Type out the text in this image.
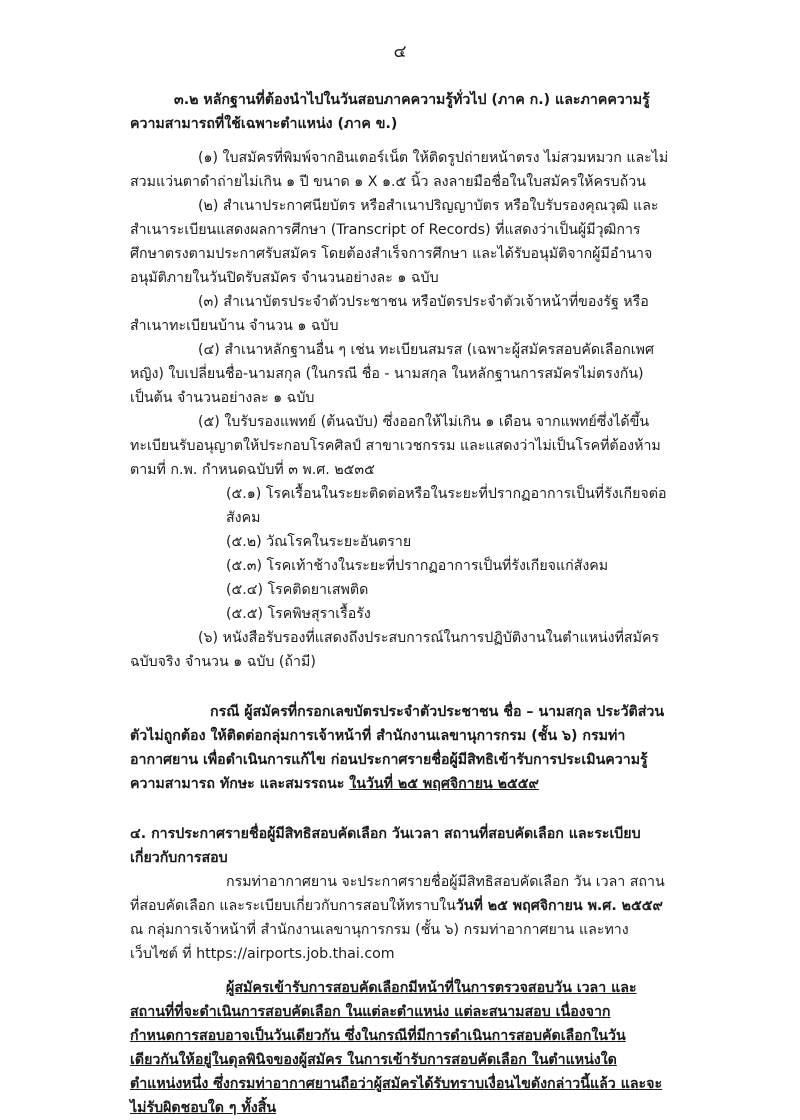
๔

๓.๒ หลักฐานที่ต้องนำไปในวันสอบภาคความรู้ทั่วไป (ภาค ก.) และภาคความรู้ความสามารถที่ใช้เฉพาะตำแหน่ง (ภาค ข.)

(๑) ใบสมัครที่พิมพ์จากอินเตอร์เน็ต ให้ติดรูปถ่ายหน้าตรง ไม่สวมหมวก และไม่สวมแว่นตาดำถ่ายไม่เกิน ๑ ปี ขนาด ๑ X ๑.๕ นิ้ว ลงลายมือชื่อในใบสมัครให้ครบถ้วน

(๒) สำเนาประกาศนียบัตร หรือสำเนาปริญญาบัตร หรือใบรับรองคุณวุฒิ และสำเนาระเบียนแสดงผลการศึกษา (Transcript of Records) ที่แสดงว่าเป็นผู้มีวุฒิการศึกษาตรงตามประกาศรับสมัคร โดยต้องสำเร็จการศึกษา และได้รับอนุมัติจากผู้มีอำนาจอนุมัติภายในวันปิดรับสมัคร จำนวนอย่างละ ๑ ฉบับ

(๓) สำเนาบัตรประจำตัวประชาชน หรือบัตรประจำตัวเจ้าหน้าที่ของรัฐ หรือสำเนาทะเบียนบ้าน จำนวน ๑ ฉบับ

(๔) สำเนาหลักฐานอื่น ๆ เช่น ทะเบียนสมรส (เฉพาะผู้สมัครสอบคัดเลือกเพศหญิง) ใบเปลี่ยนชื่อ-นามสกุล (ในกรณี ชื่อ - นามสกุล ในหลักฐานการสมัครไม่ตรงกัน) เป็นต้น จำนวนอย่างละ ๑ ฉบับ

(๕) ใบรับรองแพทย์ (ต้นฉบับ) ซึ่งออกให้ไม่เกิน ๑ เดือน จากแพทย์ซึ่งได้ขึ้นทะเบียนรับอนุญาตให้ประกอบโรคศิลป์ สาขาเวชกรรม และแสดงว่าไม่เป็นโรคที่ต้องห้ามตามที่ ก.พ. กำหนดฉบับที่ ๓ พ.ศ. ๒๕๓๕

(๕.๑) โรคเรื้อนในระยะติดต่อหรือในระยะที่ปรากฏอาการเป็นที่รังเกียจต่อสังคม

(๕.๒) วัณโรคในระยะอันตราย

(๕.๓) โรคเท้าช้างในระยะที่ปรากฏอาการเป็นที่รังเกียจแก่สังคม

(๕.๔) โรคติดยาเสพติด

(๕.๕) โรคพิษสุราเรื้อรัง

(๖) หนังสือรับรองที่แสดงถึงประสบการณ์ในการปฏิบัติงานในตำแหน่งที่สมัครฉบับจริง จำนวน ๑ ฉบับ (ถ้ามี)

กรณี ผู้สมัครที่กรอกเลขบัตรประจำตัวประชาชน ชื่อ – นามสกุล ประวัติส่วนตัวไม่ถูกต้อง ให้ติดต่อกลุ่มการเจ้าหน้าที่ สำนักงานเลขานุการกรม (ชั้น ๖) กรมท่าอากาศยาน เพื่อดำเนินการแก้ไข ก่อนประกาศรายชื่อผู้มีสิทธิเข้ารับการประเมินความรู้ความสามารถ ทักษะ และสมรรถนะ ในวันที่ ๒๕ พฤศจิกายน ๒๕๕๙

๔. การประกาศรายชื่อผู้มีสิทธิสอบคัดเลือก วันเวลา สถานที่สอบคัดเลือก และระเบียบเกี่ยวกับการสอบ

กรมท่าอากาศยาน จะประกาศรายชื่อผู้มีสิทธิสอบคัดเลือก วัน เวลา สถานที่สอบคัดเลือก และระเบียบเกี่ยวกับการสอบให้ทราบในวันที่ ๒๕ พฤศจิกายน พ.ศ. ๒๕๕๙ ณ กลุ่มการเจ้าหน้าที่ สำนักงานเลขานุการกรม (ชั้น ๖) กรมท่าอากาศยาน และทางเว็บไซต์ ที่ https://airports.job.thai.com

ผู้สมัครเข้ารับการสอบคัดเลือกมีหน้าที่ในการตรวจสอบวัน เวลา และสถานที่ที่จะดำเนินการสอบคัดเลือก ในแต่ละตำแหน่ง แต่ละสนามสอบ เนื่องจากกำหนดการสอบอาจเป็นวันเดียวกัน ซึ่งในกรณีที่มีการดำเนินการสอบคัดเลือกในวันเดียวกันให้อยู่ในดุลพินิจของผู้สมัคร ในการเข้ารับการสอบคัดเลือก ในตำแหน่งใด ตำแหน่งหนึ่ง ซึ่งกรมท่าอากาศยานถือว่าผู้สมัครได้รับทราบเงื่อนไขดังกล่าวนี้แล้ว และจะไม่รับผิดชอบใด ๆ ทั้งสิ้น
